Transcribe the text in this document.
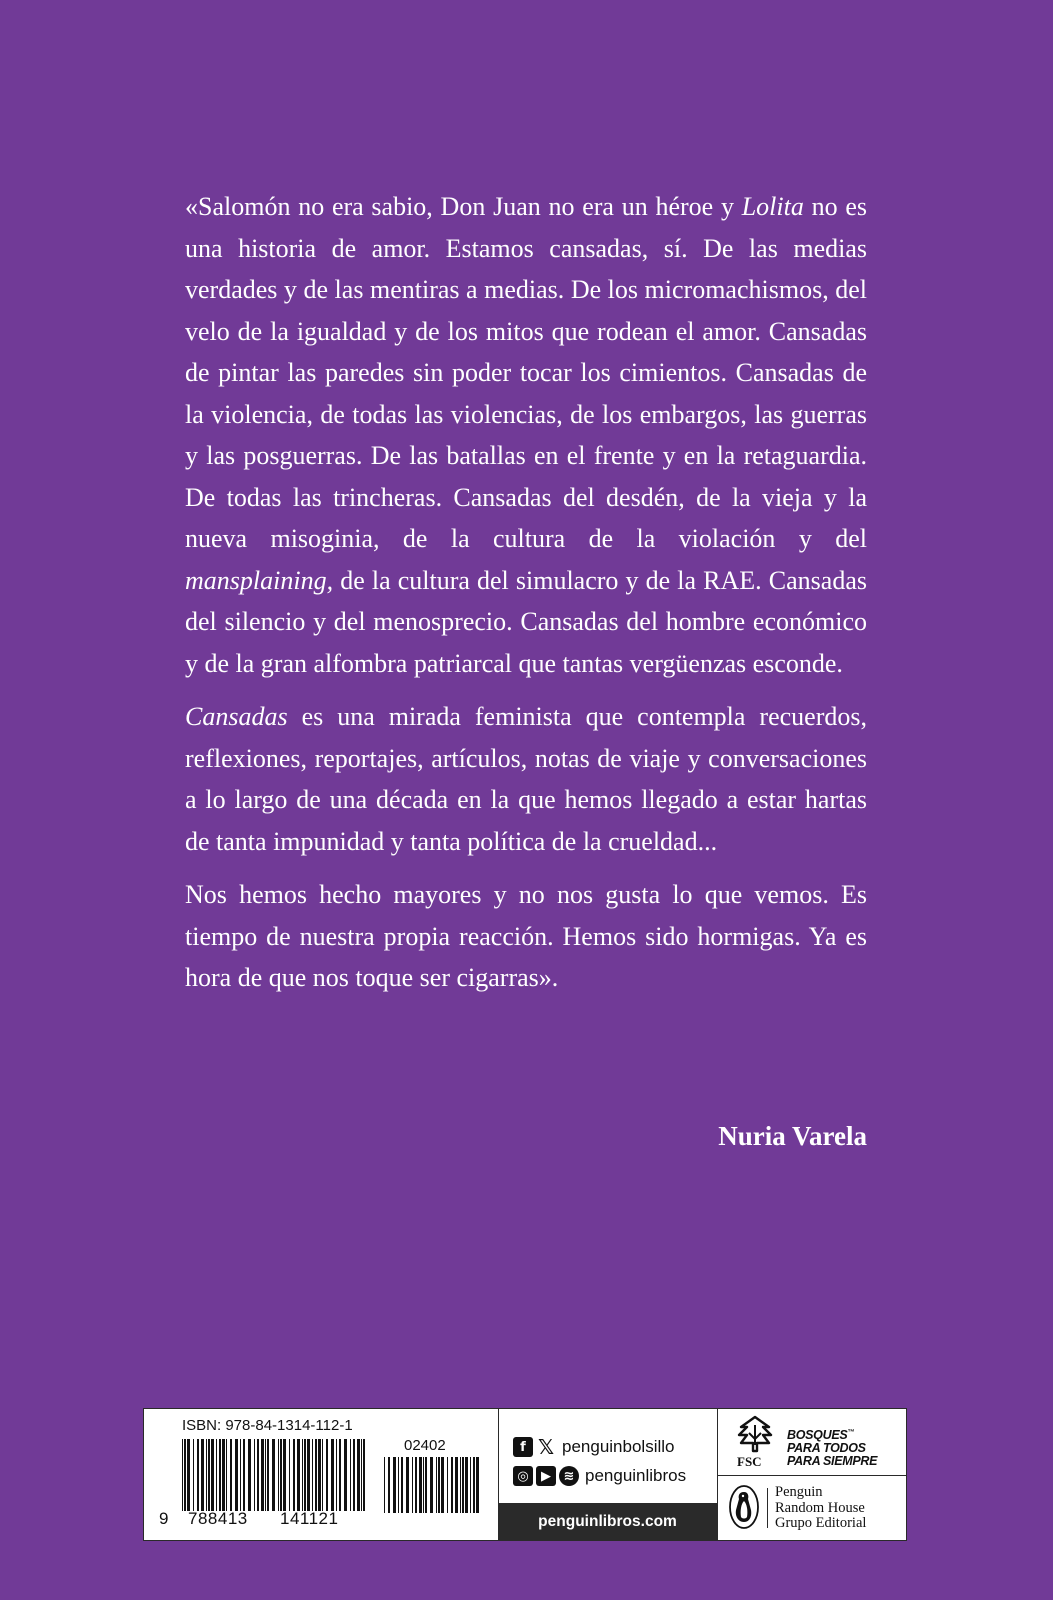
«Salomón no era sabio, Don Juan no era un héroe y Lolita no es una historia de amor. Estamos cansadas, sí. De las medias verdades y de las mentiras a medias. De los micromachismos, del velo de la igualdad y de los mitos que rodean el amor. Cansadas de pintar las paredes sin poder tocar los cimientos. Cansadas de la violencia, de todas las violencias, de los embargos, las guerras y las posguerras. De las batallas en el frente y en la retaguardia. De todas las trincheras. Cansadas del desdén, de la vieja y la nueva misoginia, de la cultura de la violación y del mansplaining, de la cultura del simulacro y de la RAE. Cansadas del silencio y del menosprecio. Cansadas del hombre económico y de la gran alfombra patriarcal que tantas vergüenzas esconde.

Cansadas es una mirada feminista que contempla recuerdos, reflexiones, reportajes, artículos, notas de viaje y conversaciones a lo largo de una década en la que hemos llegado a estar hartas de tanta impunidad y tanta política de la crueldad...

Nos hemos hecho mayores y no nos gusta lo que vemos. Es tiempo de nuestra propia reacción. Hemos sido hormigas. Ya es hora de que nos toque ser cigarras».

Nuria Varela
ISBN: 978-84-1314-112-1
02402
9 788413 141121
f 𝕏 penguinbolsillo
◎ ▶ ≋ penguinlibros
penguinlibros.com
FSC
BOSQUES™
PARA TODOS
PARA SIEMPRE
Penguin
Random House
Grupo Editorial
